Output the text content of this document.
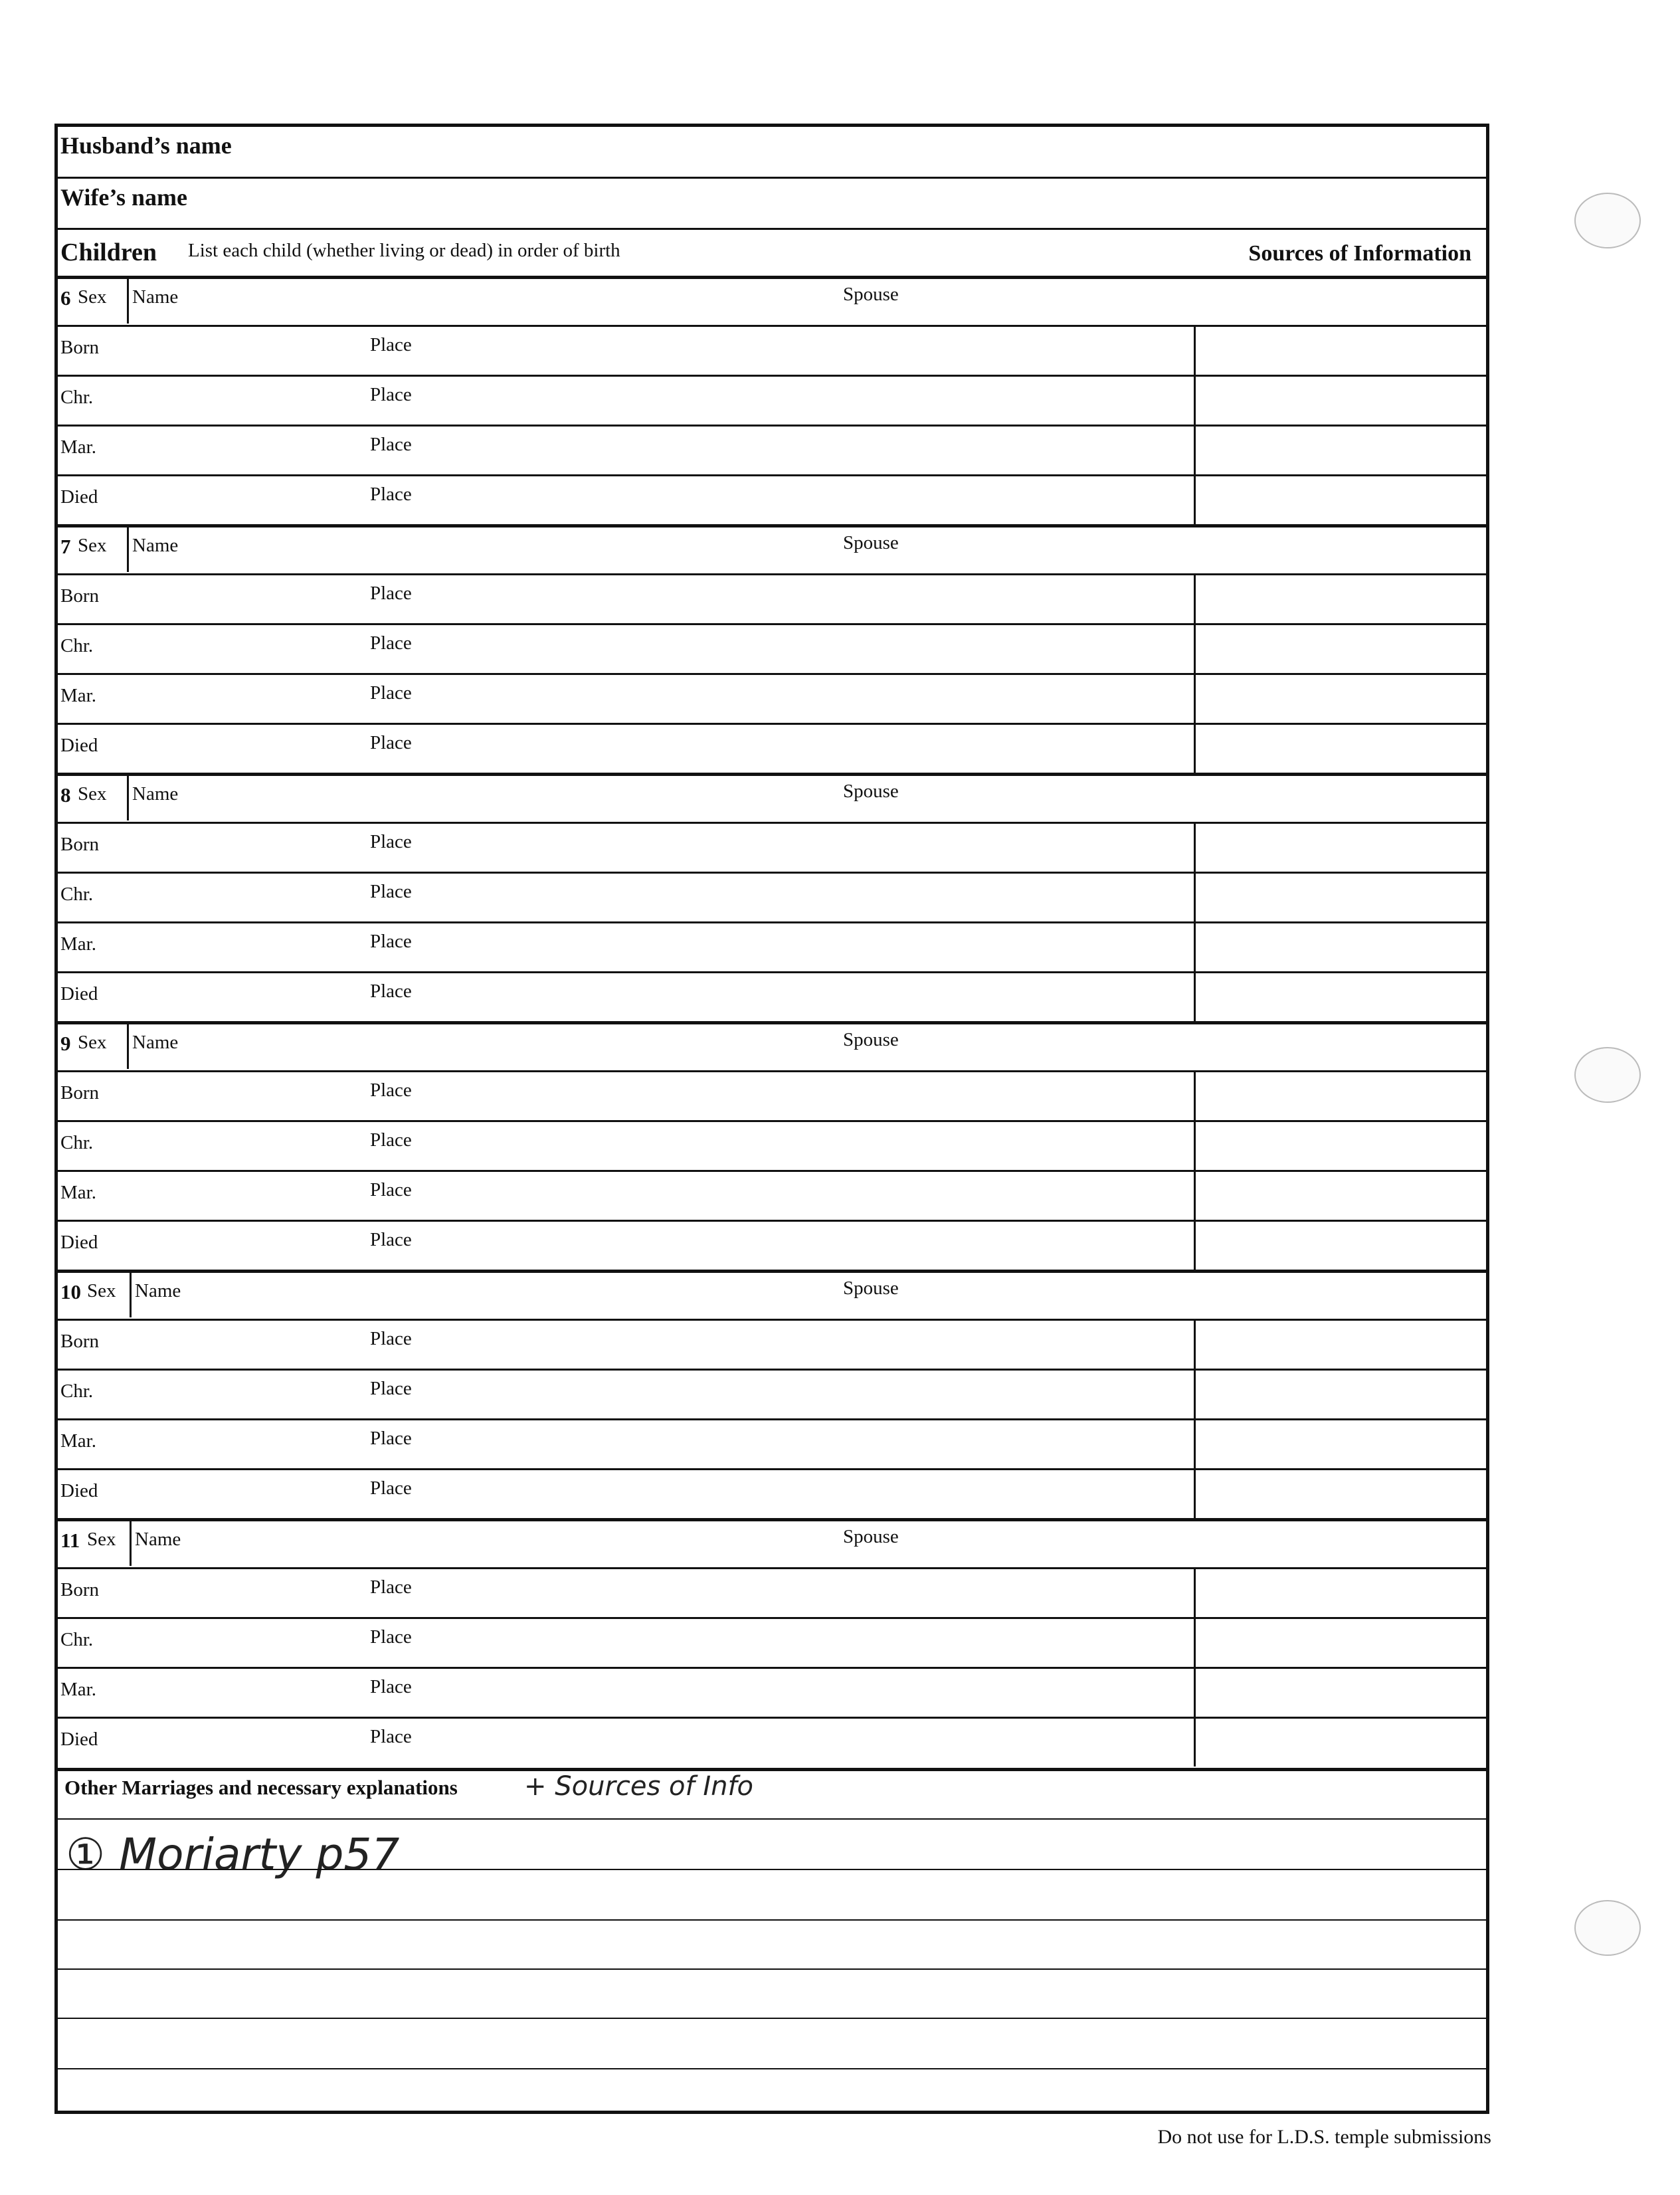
Husband’s name
Wife’s name
Children List each child (whether living or dead) in order of birth	Sources of Information
6 Sex Name	Spouse
Born	Place
Chr.	Place
Mar.	Place
Died	Place
7 Sex Name	Spouse
Born	Place
Chr.	Place
Mar.	Place
Died	Place
8 Sex Name	Spouse
Born	Place
Chr.	Place
Mar.	Place
Died	Place
9 Sex Name	Spouse
Born	Place
Chr.	Place
Mar.	Place
Died	Place
10 Sex Name	Spouse
Born	Place
Chr.	Place
Mar.	Place
Died	Place
11 Sex Name	Spouse
Born	Place
Chr.	Place
Mar.	Place
Died	Place
Other Marriages and necessary explanations	+ Sources of Info
① Moriarty p57
Do not use for L.D.S. temple submissions
